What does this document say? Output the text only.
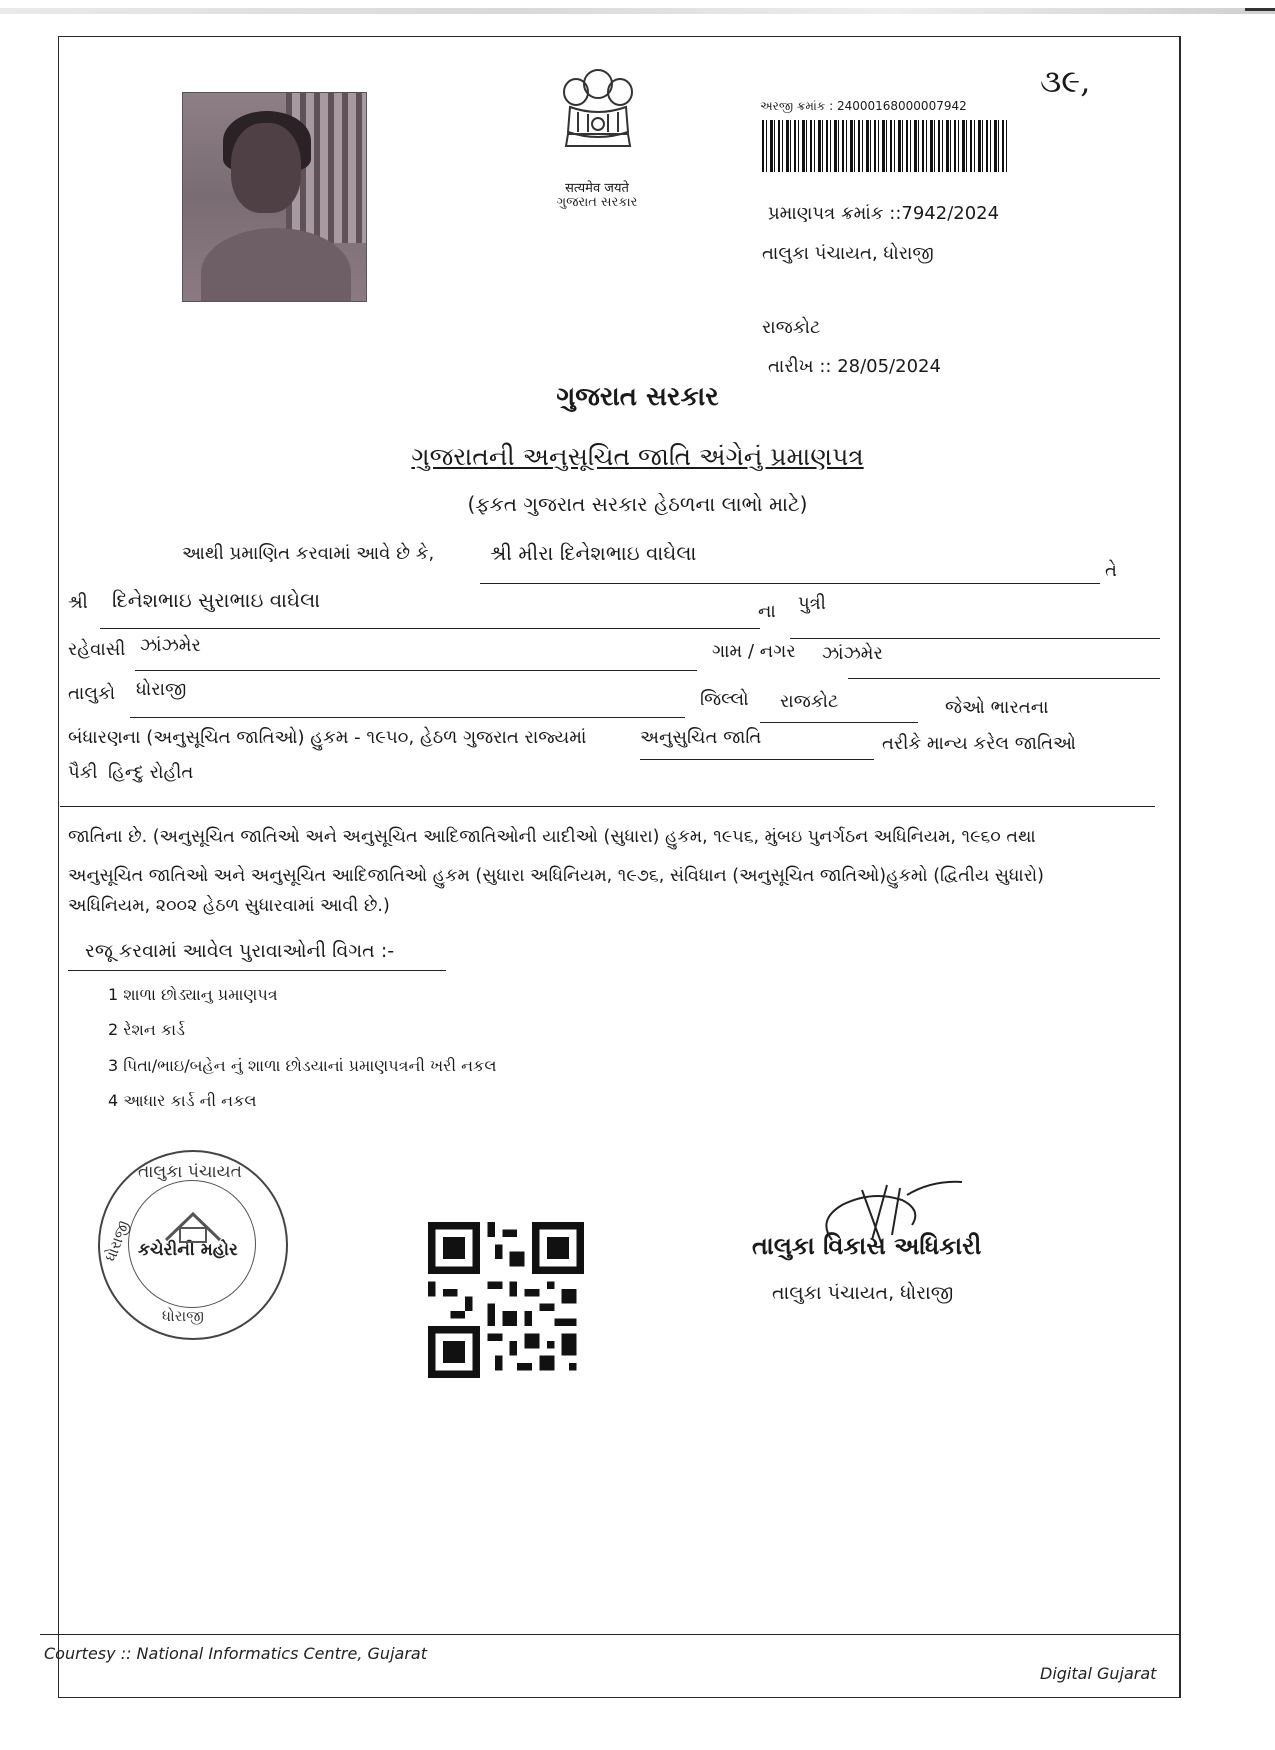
सत्यमेव जयते
ગુજરાત સરકાર
અરજી ક્રમાંક : 24000168000007942
૩૯,
પ્રમાણપત્ર ક્રમાંક ::7942/2024
તાલુકા પંચાયત, ધોરાજી
રાજકોટ
તારીખ :: 28/05/2024
ગુજરાત સરકાર
ગુજરાતની અનુસૂચિત જાતિ અંગેનું પ્રમાણપત્ર
(ફકત ગુજરાત સરકાર હેઠળના લાભો માટે)
આથી પ્રમાણિત કરવામાં આવે છે કે,	શ્રી મીરા દિનેશભાઇ વાઘેલા
તે
શ્રી દિનેશભાઇ સુરાભાઇ વાઘેલા	ના પુત્રી
રહેવાસી ઝાંઝમેર	ગામ / નગર ઝાંઝમેર
તાલુકો ધોરાજી	જિલ્લો રાજકોટ	જેઓ ભારતના
બંધારણના (અનુસૂચિત જાતિઓ) હુકમ - ૧૯૫૦, હેઠળ ગુજરાત રાજ્યમાં	અનુસુચિત જાતિ	તરીકે માન્ય કરેલ જાતિઓ
પૈકી હિન્દુ રોહીત
જાતિના છે. (અનુસૂચિત જાતિઓ અને અનુસૂચિત આદિજાતિઓની યાદીઓ (સુધારા) હુકમ, ૧૯૫૬, મુંબઇ પુનર્ગઠન અધિનિયમ, ૧૯૬૦ તથા
અનુસૂચિત જાતિઓ અને અનુસૂચિત આદિજાતિઓ હુકમ (સુધારા અધિનિયમ, ૧૯૭૬, સંવિધાન (અનુસૂચિત જાતિઓ)હુકમો (દ્વિતીય સુધારો)
અધિનિયમ, ૨૦૦૨ હેઠળ સુધારવામાં આવી છે.)
રજૂ કરવામાં આવેલ પુરાવાઓની વિગત :-
1 શાળા છોડ્યાનુ પ્રમાણપત્ર
2 રેશન કાર્ડ
3 પિતા/ભાઇ/બહેન નું શાળા છોડયાનાં પ્રમાણપત્રની ખરી નકલ
4 આધાર કાર્ડ ની નકલ
તાલુકા પંચાયત
ધોરાજી કચેરીની મહોર
ધોરાજી
તાલુકા વિકાસ અધિકારી
તાલુકા પંચાયત, ધોરાજી
Courtesy :: National Informatics Centre, Gujarat
Digital Gujarat
